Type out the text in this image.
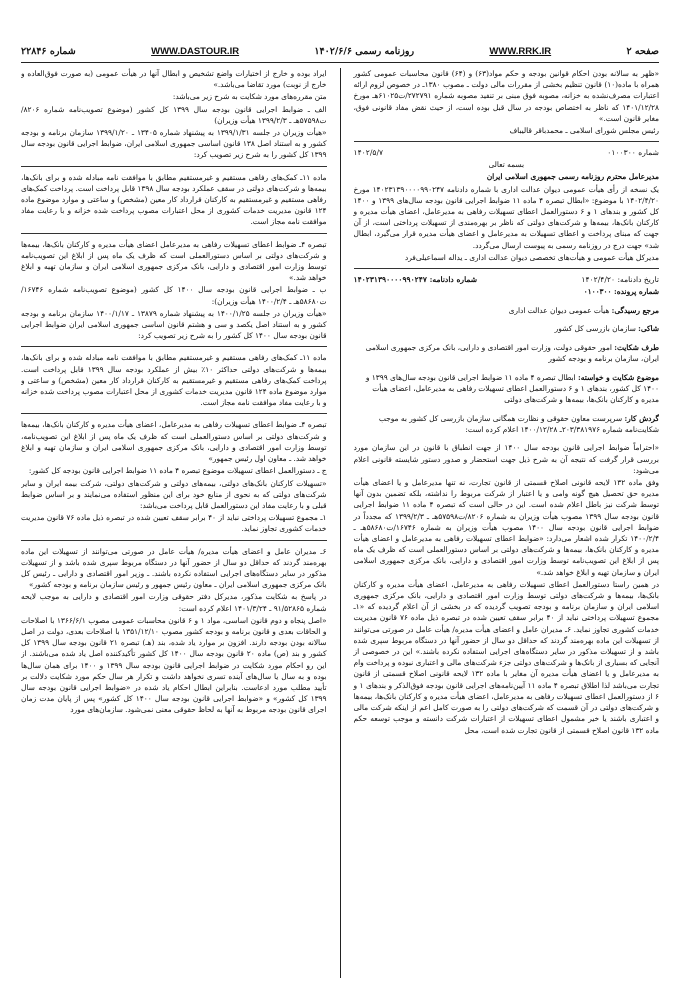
صفحه ۲
WWW.RRK.IR
روزنامه رسمی ۱۴۰۲/۶/۶
WWW.DASTOUR.IR
شماره ۲۲۸۴۶

«ظهر به سالانه بودن احکام قوانین بودجه و حکم مواد(۶۳) و (۶۴) قانون محاسبات عمومی کشور همراه با ماده(۱۰) قانون تنظیم بخشی از مقررات مالی دولت ـ مصوب ۱۳۸۰ـ در خصوص لزوم ارائه اعتبارات مصرف‌نشده به خزانه، مصوبه فوق مبنی بر تنفید مصوبه شماره ۲۷۲۷۹۱/ت۶۱۰۲۵هـ مورخ ۱۴۰۱/۱۲/۲۸ که ناظر به اختصاص بودجه در سال قبل بوده است، از حیث نقض مفاد قانونی فوق، مغایر قانون است.»

رئیس مجلس شورای اسلامی ـ محمدباقر قالیباف

شماره ۰۱۰۰۳۰۰
۱۴۰۲/۵/۷

بسمه تعالی

مدیرعامل محترم روزنامه رسمی جمهوری اسلامی ایران

یک نسخه از رأی هیأت عمومی دیوان عدالت اداری با شماره دادنامه ۱۴۰۲۳۱۳۹۰۰۰۰۹۹۰۲۴۷ مورخ ۱۴۰۲/۴/۲۰ با موضوع: «ابطال تبصره ۴ ماده ۱۱ ضوابط اجرایی قانون بودجه سال‌های ۱۳۹۹ و ۱۴۰۰ کل کشور و بندهای ۱ و ۶ دستورالعمل اعطای تسهیلات رفاهی به مدیرعامل، اعضای هیأت مدیره و کارکنان بانک‌ها، بیمه‌ها و شرکت‌های دولتی که ناظر بر بهره‌مندی از تسهیلات پرداختی است، از آن جهت که مبنای پرداخت و اعطای تسهیلات به مدیرعامل و اعضای هیأت مدیره قرار می‌گیرد، ابطال شد» جهت درج در روزنامه رسمی به پیوست ارسال می‌گردد.

مدیرکل هیأت عمومی و هیأت‌های تخصصی دیوان عدالت اداری ـ یداله اسماعیلی‌فرد

تاریخ دادنامه: ۱۴۰۲/۴/۲۰
شماره دادنامه: ۱۴۰۲۳۱۳۹۰۰۰۰۹۹۰۲۴۷

شماره پرونده: ۰۱۰۰۳۰۰

مرجع رسیدگی: هیأت عمومی دیوان عدالت اداری

شاکی: سازمان بازرسی کل کشور

طرف شکایت: امور حقوقی دولت، وزارت امور اقتصادی و دارایی، بانک مرکزی جمهوری اسلامی ایران، سازمان برنامه و بودجه کشور

موضوع شکایت و خواسته: ابطال تبصره ۴ ماده ۱۱ ضوابط اجرایی قانون بودجه سال‌های ۱۳۹۹ و ۱۴۰۰ کل کشور، بندهای ۱ و ۶ دستورالعمل اعطای تسهیلات رفاهی به مدیرعامل، اعضای هیأت مدیره و کارکنان بانک‌ها، بیمه‌ها و شرکت‌های دولتی

گردش کار: سرپرست معاون حقوقی و نظارت همگانی سازمان بازرسی کل کشور به موجب شکایت‌نامه شماره ۲۰۳/۳۸۱۹۷۶ـ ۱۴۰۰/۱۲/۲۸ اعلام کرده است:

«احتراماً ضوابط اجرایی قانون بودجه سال ۱۴۰۰ از جهت انطباق با قانون در این سازمان مورد بررسی قرار گرفت که نتیجه آن به شرح ذیل جهت استحضار و صدور دستور شایسته قانونی اعلام می‌شود:

وفق ماده ۱۳۲ لایحه قانونی اصلاح قسمتی از قانون تجارت، نه تنها مدیرعامل و یا اعضای هیأت مدیره حق تحصیل هیچ گونه وامی و یا اعتبار از شرکت مربوط را نداشته، بلکه تضمین بدون آنها توسط شرکت نیز باطل اعلام شده است. این در حالی است که تبصره ۴ ماده ۱۱ ضوابط اجرایی قانون بودجه سال ۱۳۹۹ مصوب هیأت وزیران به شماره ۸۲۰۶/ت۵۷۵۹۸هـ ـ ۱۳۹۹/۲/۳ که مجدداً در ضوابط اجرایی قانون بودجه سال ۱۴۰۰ مصوب هیأت وزیران به شماره ۱۶۷۴۶/ت۵۸۶۸۰هـ ـ ۱۴۰۰/۲/۴ تکرار شده اشعار می‌دارد: «ضوابط اعطای تسهیلات رفاهی به مدیرعامل و اعضای هیأت مدیره و کارکنان بانک‌ها، بیمه‌ها و شرکت‌های دولتی بر اساس دستورالعملی است که ظرف یک ماه پس از ابلاغ این تصویب‌نامه توسط وزارت امور اقتصادی و دارایی، بانک مرکزی جمهوری اسلامی ایران و سازمان تهیه و ابلاغ خواهد شد.»

در همین راستا دستورالعمل اعطای تسهیلات رفاهی به مدیرعامل، اعضای هیأت مدیره و کارکنان بانک‌ها، بیمه‌ها و شرکت‌های دولتی توسط وزارت امور اقتصادی و دارایی، بانک مرکزی جمهوری اسلامی ایران و سازمان برنامه و بودجه تصویب گردیده که در بخشی از آن اعلام گردیده که «۱ـ مجموع تسهیلات پرداختی نباید از ۴۰ برابر سقف تعیین شده در تبصره ذیل ماده ۷۶ قانون مدیریت خدمات کشوری تجاوز نماید. ۶ـ مدیران عامل و اعضای هیأت مدیره/ هیأت عامل در صورتی می‌توانند از تسهیلات این ماده بهره‌مند گردند که حداقل دو سال از حضور آنها در دستگاه مربوط سپری شده باشد و از تسهیلات مذکور در سایر دستگاه‌های اجرایی استفاده نکرده باشند.» این در خصوصی از آنجایی که بسیاری از بانک‌ها و شرکت‌های دولتی جزء شرکت‌های مالی و اعتباری نبوده و پرداخت وام به مدیرعامل و یا اعضای هیأت مدیره آن مغایر با ماده ۱۳۲ لایحه قانونی اصلاح قسمتی از قانون تجارت می‌باشد لذا اطلاق تبصره ۴ ماده ۱۱ آیین‌نامه‌های اجرایی قانون بودجه فوق‌الذکر و بندهای ۱ و ۶ از دستورالعمل اعطای تسهیلات رفاهی به مدیرعامل، اعضای هیأت مدیره و کارکنان بانک‌ها، بیمه‌ها و شرکت‌های دولتی در آن قسمت که شرکت‌های دولتی را به صورت کامل اعم از اینکه شرکت مالی و اعتباری باشند یا خیر مشمول اعطای تسهیلات از اعتبارات شرکت دانسته و موجب توسعه حکم ماده ۱۳۲ قانون اصلاح قسمتی از قانون تجارت شده است، محل

ایراد بوده و خارج از اختیارات واضع تشخیص و ابطال آنها در هیأت عمومی (به صورت فوق‌العاده و خارج از نوبت) مورد تقاضا می‌باشد.»

متن مقرره‌های مورد شکایت به شرح زیر می‌باشد:

الف ـ ضوابط اجرایی قانون بودجه سال ۱۳۹۹ کل کشور (موضوع تصویب‌نامه شماره ۸۲۰۶/ت۵۷۵۹۸هـ ـ ۱۳۹۹/۲/۳ هیأت وزیران)

«هیأت وزیران در جلسه ۱۳۹۹/۱/۳۱ به پیشنهاد شماره ۱۳۴۰۵ ـ ۱۳۹۹/۱/۲۰ سازمان برنامه و بودجه کشور و به استناد اصل ۱۳۸ قانون اساسی جمهوری اسلامی ایران، ضوابط اجرایی قانون بودجه سال ۱۳۹۹ کل کشور را به شرح زیر تصویب کرد:

ماده ۱۱ـ کمک‌های رفاهی مستقیم و غیرمستقیم مطابق با موافقت نامه مبادله شده و برای بانک‌ها، بیمه‌ها و شرکت‌های دولتی در سقف عملکرد بودجه سال ۱۳۹۸ قابل پرداخت است. پرداخت کمک‌های رفاهی مستقیم و غیرمستقیم به کارکنان قرارداد کار معین (مشخص) و ساعتی و موارد موضوع ماده ۱۲۴ قانون مدیریت خدمات کشوری از محل اعتبارات مصوب پرداخت شده خزانه و با رعایت مفاد موافقت نامه مجاز است.

تبصره ۴ـ ضوابط اعطای تسهیلات رفاهی به مدیرعامل اعضای هیأت مدیره و کارکنان بانک‌ها، بیمه‌ها و شرکت‌های دولتی بر اساس دستورالعملی است که ظرف یک ماه پس از ابلاغ این تصویب‌نامه توسط وزارت امور اقتصادی و دارایی، بانک مرکزی جمهوری اسلامی ایران و سازمان تهیه و ابلاغ خواهد شد.»

ب ـ ضوابط اجرایی قانون بودجه سال ۱۴۰۰ کل کشور (موضوع تصویب‌نامه شماره ۱۶۷۴۶/ت۵۸۶۸۰هـ ـ ۱۴۰۰/۲/۴ هیأت وزیران):

«هیأت وزیران در جلسه ۱۴۰۰/۱/۲۵ به پیشنهاد شماره ۱۳۸۷۹ ـ ۱۴۰۰/۱/۱۷ سازمان برنامه و بودجه کشور و به استناد اصل یکصد و سی و هشتم قانون اساسی جمهوری اسلامی ایران ضوابط اجرایی قانون بودجه سال ۱۴۰۰ کل کشور را به شرح زیر تصویب کرد:

ماده ۱۱ـ کمک‌های رفاهی مستقیم و غیرمستقیم مطابق با موافقت نامه مبادله شده و برای بانک‌ها، بیمه‌ها و شرکت‌های دولتی حداکثر ۱۰٪ بیش از عملکرد بودجه سال ۱۳۹۹ قابل پرداخت است. پرداخت کمک‌های رفاهی مستقیم و غیرمستقیم به کارکنان قرارداد کار معین (مشخص) و ساعتی و موارد موضوع ماده ۱۲۴ قانون مدیریت خدمات کشوری از محل اعتبارات مصوب پرداخت شده خزانه و با رعایت مفاد موافقت نامه مجاز است.

تبصره ۴ـ ضوابط اعطای تسهیلات رفاهی به مدیرعامل، اعضای هیأت مدیره و کارکنان بانک‌ها، بیمه‌ها و شرکت‌های دولتی بر اساس دستورالعملی است که ظرف یک ماه پس از ابلاغ این تصویب‌نامه، توسط وزارت امور اقتصادی و دارایی، بانک مرکزی جمهوری اسلامی ایران و سازمان تهیه و ابلاغ خواهد شد. ـ معاون اول رئیس جمهور»

ج ـ دستورالعمل اعطای تسهیلات موضوع تبصره ۴ ماده ۱۱ ضوابط اجرایی قانون بودجه کل کشور:

«تسهیلات کارکنان بانک‌های دولتی، بیمه‌های دولتی و شرکت‌های دولتی، شرکت بیمه ایران و سایر شرکت‌های دولتی که به نحوی از منابع خود برای این منظور استفاده می‌نمایند و بر اساس ضوابط قبلی و با رعایت مفاد این دستورالعمل قابل پرداخت می‌باشد:

۱ـ مجموع تسهیلات پرداختی نباید از ۴۰ برابر سقف تعیین شده در تبصره ذیل ماده ۷۶ قانون مدیریت خدمات کشوری تجاوز نماید.

۶ـ مدیران عامل و اعضای هیأت مدیره/ هیأت عامل در صورتی می‌توانند از تسهیلات این ماده بهره‌مند گردند که حداقل دو سال از حضور آنها در دستگاه مربوط سپری شده باشد و از تسهیلات مذکور در سایر دستگاه‌های اجرایی استفاده نکرده باشند. ـ وزیر امور اقتصادی و دارایی ـ رئیس کل بانک مرکزی جمهوری اسلامی ایران ـ معاون رئیس جمهور و رئیس سازمان برنامه و بودجه کشور»

در پاسخ به شکایت مذکور، مدیرکل دفتر حقوقی وزارت امور اقتصادی و دارایی به موجب لایحه شماره ۹۱/۵۲۸۶۵ ـ ۱۴۰۱/۳/۲۴ اعلام کرده است:

«اصل پنجاه و دوم قانون اساسی، مواد ۱ و ۶ قانون محاسبات عمومی مصوب ۱۳۶۶/۶/۱ با اصلاحات و الحاقات بعدی و قانون برنامه و بودجه کشور مصوب ۱۳۵۱/۱۲/۱۰ با اصلاحات بعدی، دولت در اصل سالانه بودن بودجه دارند. افزون بر موارد یاد شده، بند (هـ) تبصره ۲۱ قانون بودجه سال ۱۳۹۹ کل کشور و بند (ص) ماده ۲۰ قانون بودجه سال ۱۴۰۰ کل کشور تأکیدکننده اصل یاد شده می‌باشند. از این رو احکام مورد شکایت در ضوابط اجرایی قانون بودجه سال ۱۳۹۹ و ۱۴۰۰ برای همان سال‌ها بوده و به سال یا سال‌های آینده تسری نخواهد داشت و تکرار هر سال حکم مورد شکایت دلالت بر تأیید مطلب مورد ادعاست. بنابراین ابطال احکام یاد شده در «ضوابط اجرایی قانون بودجه سال ۱۳۹۹ کل کشور» و «ضوابط اجرایی قانون بودجه سال ۱۴۰۰ کل کشور» پس از پایان مدت زمان اجرای قانون بودجه مربوط به آنها به لحاظ حقوقی معنی نمی‌شود. سازمان‌های مورد
